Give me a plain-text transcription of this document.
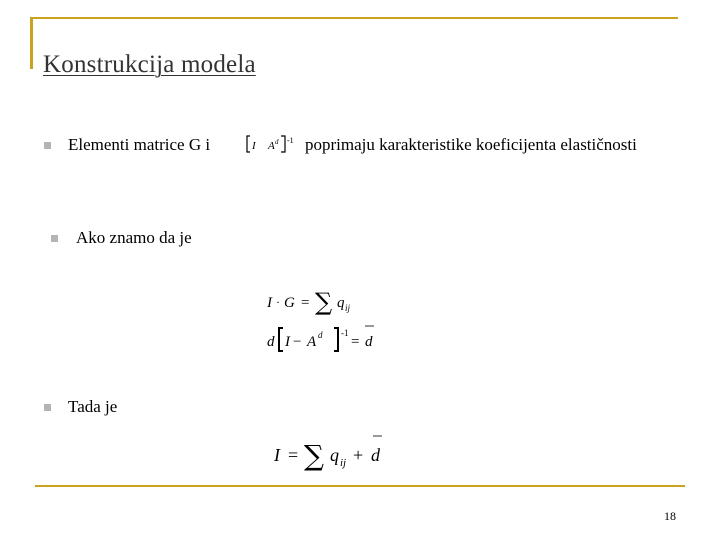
Konstrukcija modela
Elementi matrice G i	I A d -1 poprimaju karakteristike koeficijenta elastičnosti
Ako znamo da je
I · G = ∑ q ij
d I − A d -1
= d
Tada je
I = ∑ q ij + d
18
